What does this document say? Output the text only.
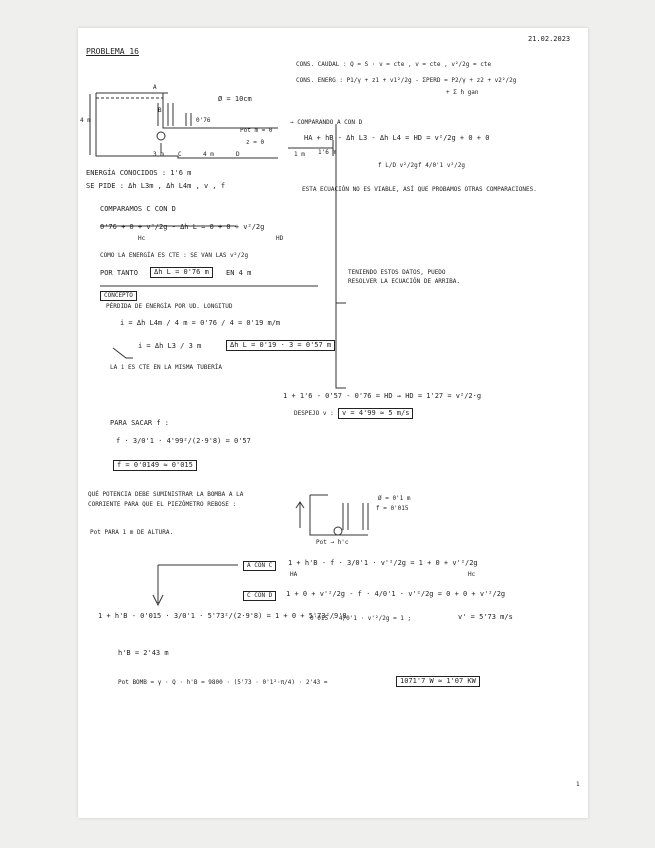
21.02.2023
PROBLEMA 16
A
4 m
B
0'76
Ø = 10cm
Pot m = 0
z = 0
3 m C	4 m	D
ENERGÍA CONOCIDOS : 1'6 m
SE PIDE : Δh L3m , Δh L4m , v , f
COMPARAMOS C CON D
0'76 + 0 + v²/2g - Δh L = 0 + 0 + v²/2g
Hc	HD
COMO LA ENERGÍA ES CTE : SE VAN LAS v²/2g
POR TANTO	Δh L = 0'76 m	EN 4 m
CONCEPTO
PÉRDIDA DE ENERGÍA POR UD. LONGITUD
i = Δh L4m / 4 m = 0'76 / 4 = 0'19 m/m
i = Δh L3 / 3 m	Δh L = 0'19 · 3 = 0'57 m
LA i ES CTE EN LA MISMA TUBERÍA
PARA SACAR f :
f · 3/0'1 · 4'99²/(2·9'8) = 0'57
f = 0'0149 ≈ 0'015
CONS. CAUDAL : Q = S · v = cte , v = cte , v²/2g = cte
CONS. ENERG : P1/γ + z1 + v1²/2g - ΣPERD = P2/γ + z2 + v2²/2g
+ Σ h gan
→ COMPARANDO A CON D
HA + hB - Δh L3 - Δh L4 = HD = v²/2g + 0 + 0
1 m 1'6 m
f L/D v²/2g f 4/0'1 v²/2g
ESTA ECUACIÓN NO ES VIABLE, ASÍ QUE PROBAMOS OTRAS COMPARACIONES.
TENIENDO ESTOS DATOS, PUEDO RESOLVER LA ECUACIÓN DE ARRIBA.
1 + 1'6 - 0'57 - 0'76 = HD → HD = 1'27 = v²/2·g
DESPEJO v :	v = 4'99 ≈ 5 m/s
QUÉ POTENCIA DEBE SUMINISTRAR LA BOMBA A LA CORRIENTE PARA QUE EL PIEZÓMETRO REBOSE :
Pot PARA 1 m DE ALTURA.
Ø = 0'1 m
f = 0'015
Pot → h'c
A CON C	1 + h'B - f · 3/0'1 · v'²/2g = 1 + 0 + v'²/2g
HA	Hc
C CON D	1 + 0 + v'²/2g - f · 4/0'1 · v'²/2g = 0 + 0 + v'²/2g
1 + h'B - 0'015 · 3/0'1 · 5'73²/(2·9'8) = 1 + 0 + 5'73²/9'8
0'015 · 4/0'1 · v'²/2g = 1 ;	v' = 5'73 m/s
h'B = 2'43 m
Pot BOMB = γ · Q · h'B = 9800 · (5'73 · 0'1²·π/4) · 2'43 =	1071'7 W ≈ 1'07 KW
1
